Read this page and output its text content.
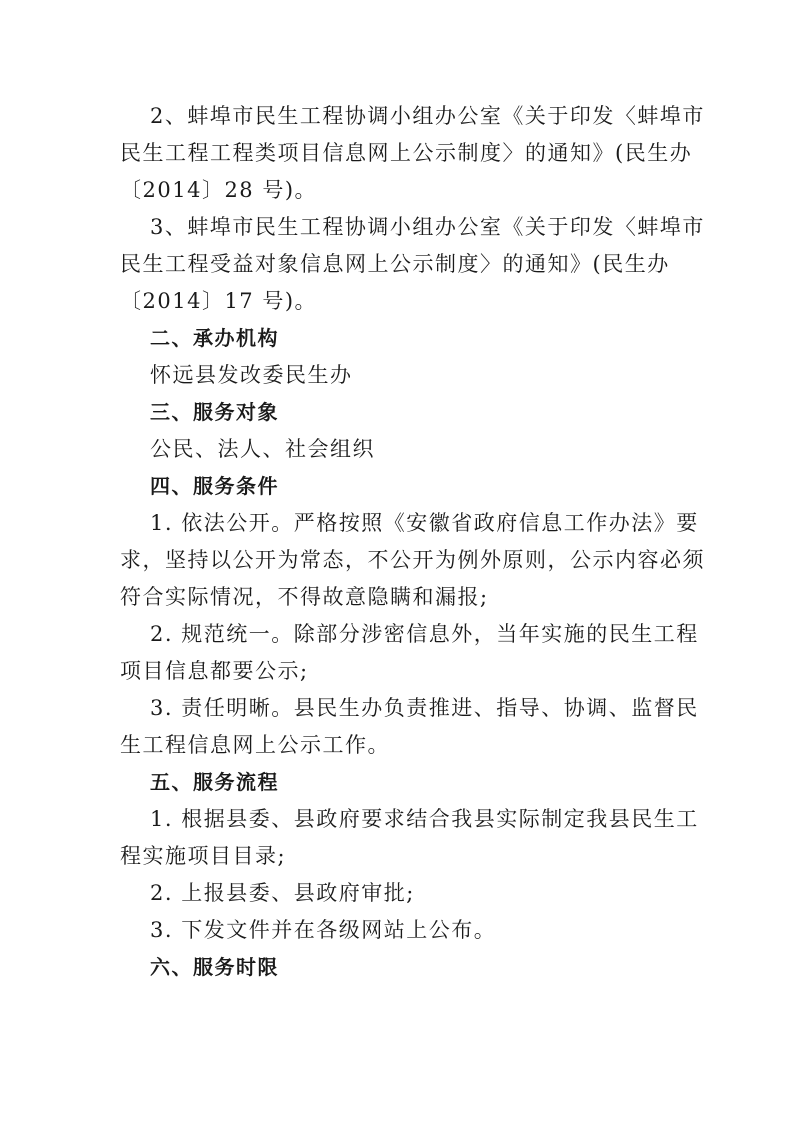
2、蚌埠市民生工程协调小组办公室《关于印发〈蚌埠市
民生工程工程类项目信息网上公示制度〉的通知》(民生办
〔2014〕28 号)。
3、蚌埠市民生工程协调小组办公室《关于印发〈蚌埠市
民生工程受益对象信息网上公示制度〉的通知》(民生办
〔2014〕17 号)。
二、承办机构
怀远县发改委民生办
三、服务对象
公民、法人、社会组织
四、服务条件
1. 依法公开。严格按照《安徽省政府信息工作办法》要
求，坚持以公开为常态，不公开为例外原则，公示内容必须
符合实际情况，不得故意隐瞒和漏报;
2. 规范统一。除部分涉密信息外，当年实施的民生工程
项目信息都要公示;
3. 责任明晰。县民生办负责推进、指导、协调、监督民
生工程信息网上公示工作。
五、服务流程
1. 根据县委、县政府要求结合我县实际制定我县民生工
程实施项目目录;
2. 上报县委、县政府审批;
3. 下发文件并在各级网站上公布。
六、服务时限
